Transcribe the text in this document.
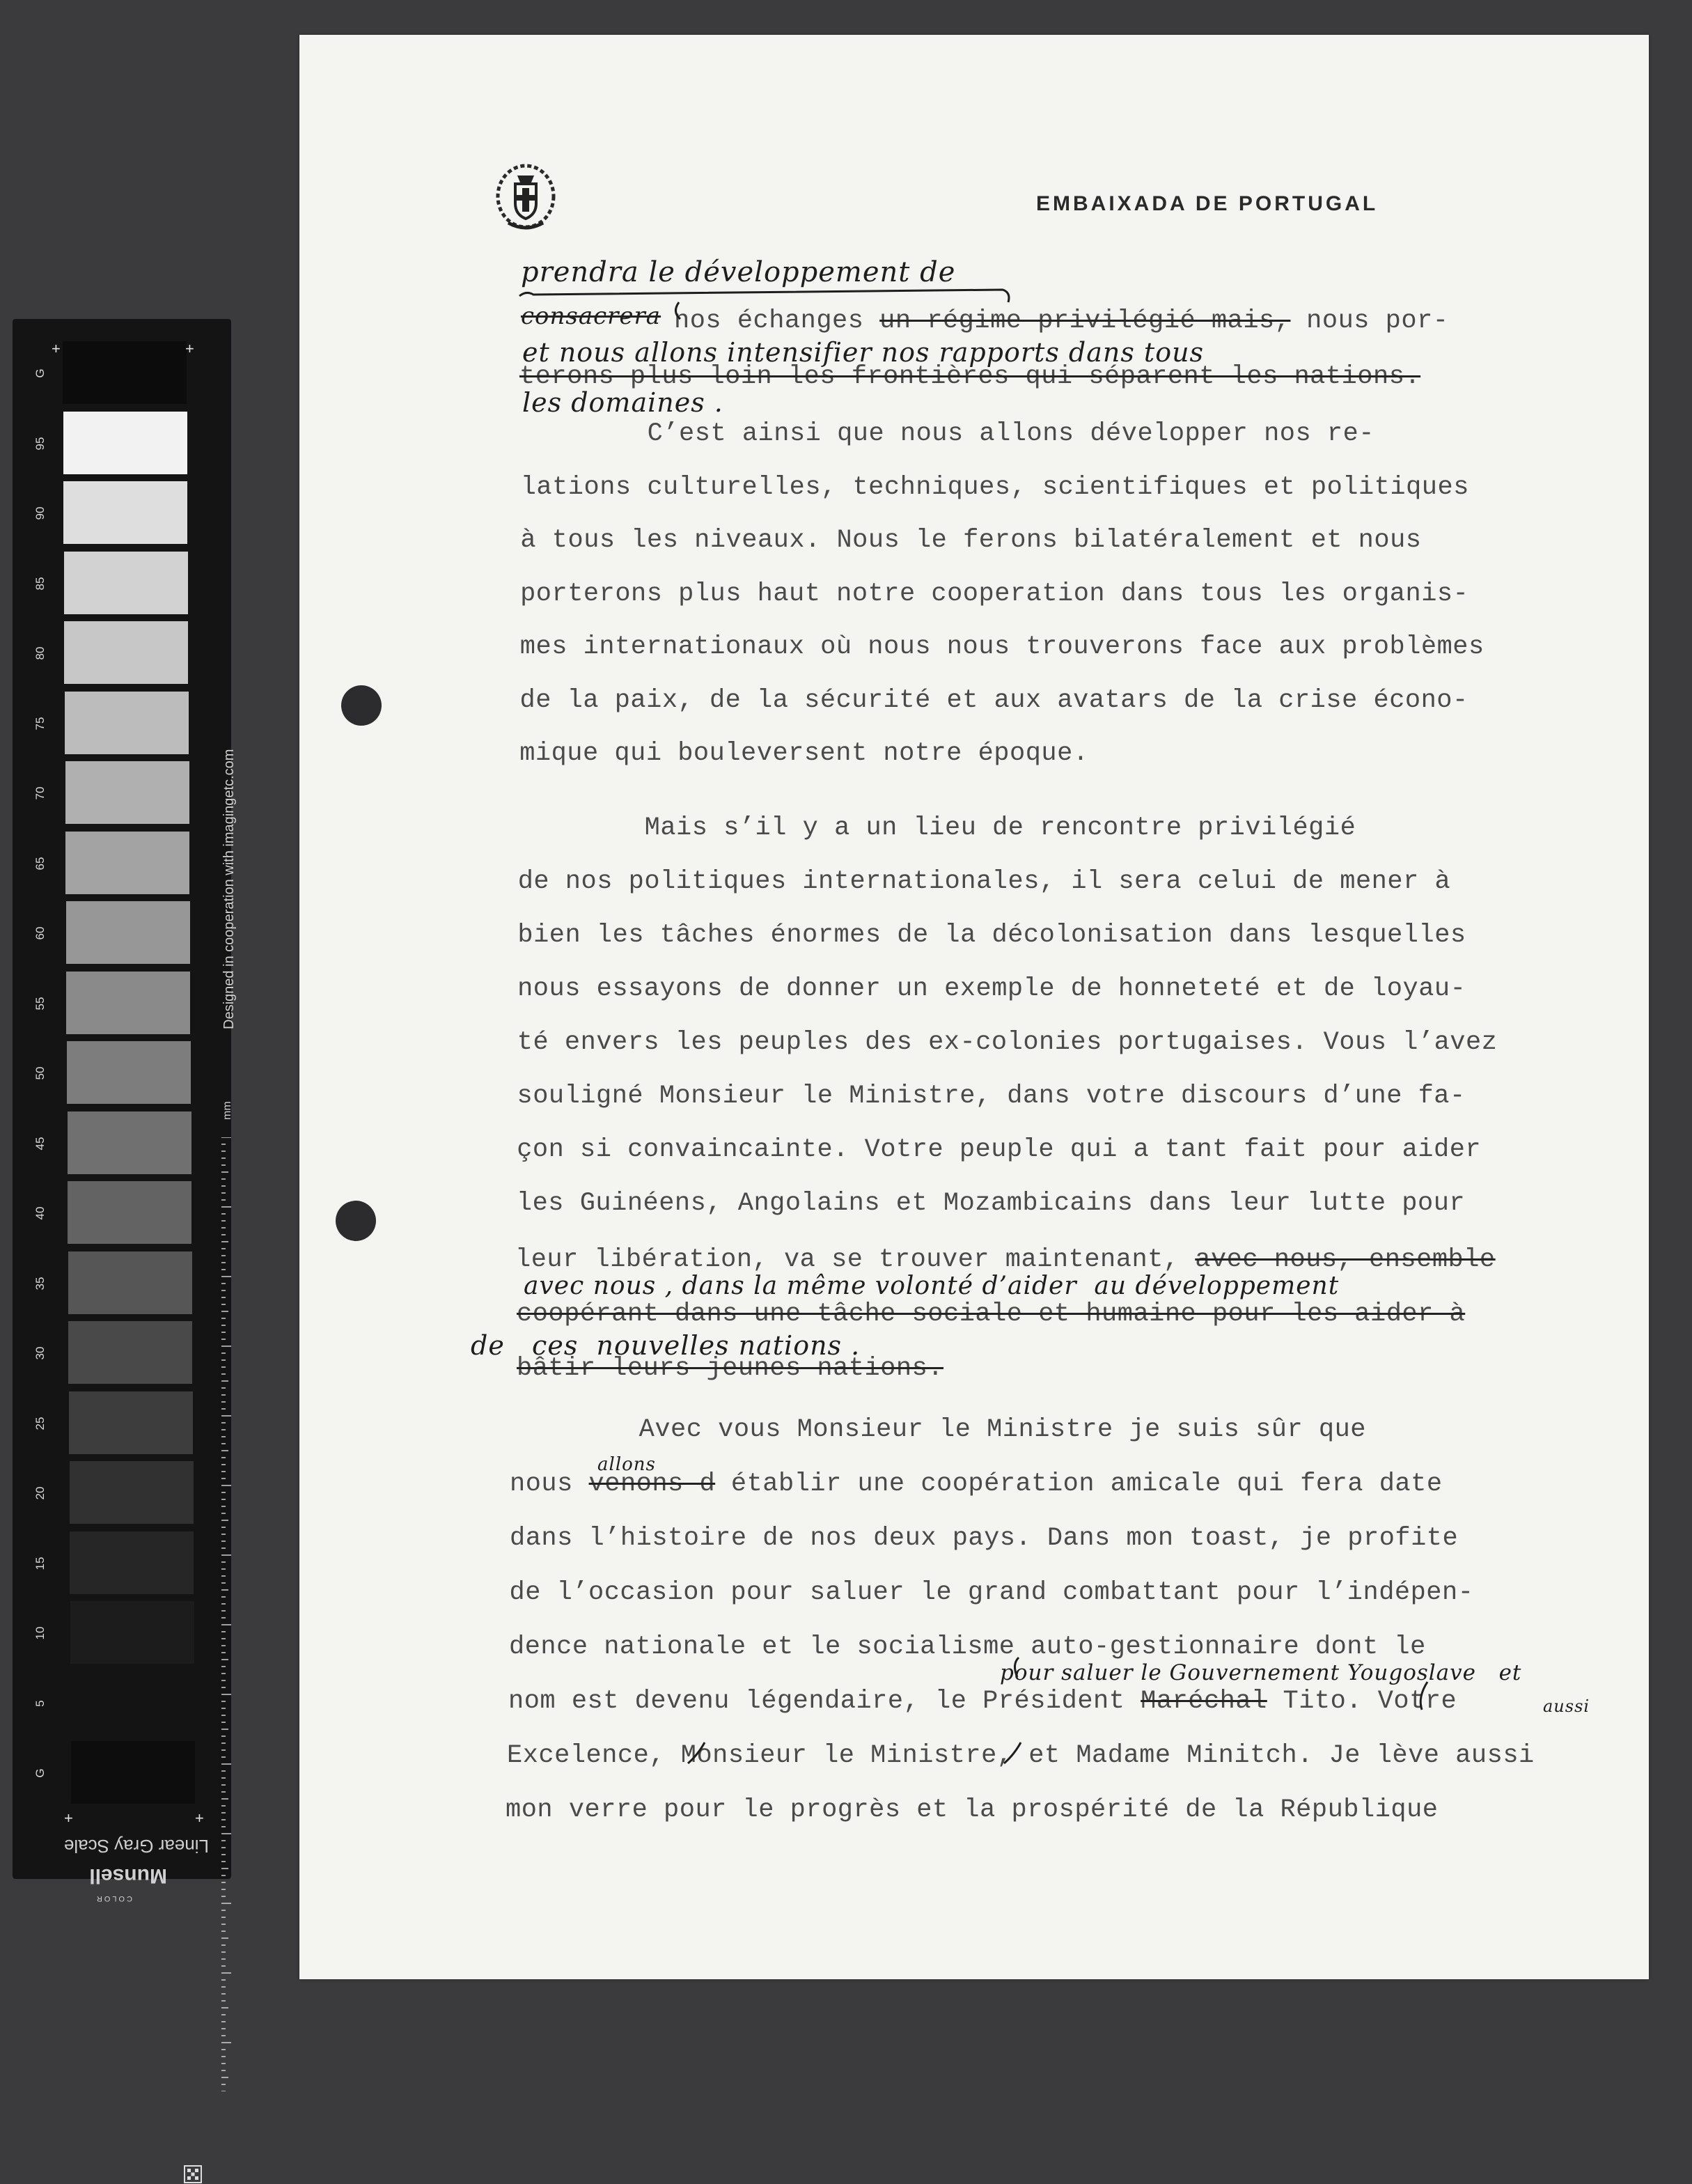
G
95
90
85
80
75
70
65
60
55
50
45
40
35
30
25
20
15
10
5
G
Designed in cooperation with imagingetc.com
mm
+	+
+	+
Linear Gray Scale
Munsell
COLOR
EMBAIXADA DE PORTUGAL
nos échanges un régime privilégié mais, nous por-
terons plus loin les frontières qui séparent les nations.
C’est ainsi que nous allons développer nos re-
lations culturelles, techniques, scientifiques et politiques
à tous les niveaux. Nous le ferons bilatéralement et nous
porterons plus haut notre cooperation dans tous les organis-
mes internationaux où nous nous trouverons face aux problèmes
de la paix, de la sécurité et aux avatars de la crise écono-
mique qui bouleversent notre époque.
Mais s’il y a un lieu de rencontre privilégié
de nos politiques internationales, il sera celui de mener à
bien les tâches énormes de la décolonisation dans lesquelles
nous essayons de donner un exemple de honneteté et de loyau-
té envers les peuples des ex-colonies portugaises. Vous l’avez
souligné Monsieur le Ministre, dans votre discours d’une fa-
çon si convaincainte. Votre peuple qui a tant fait pour aider
les Guinéens, Angolains et Mozambicains dans leur lutte pour
leur libération, va se trouver maintenant, avec nous, ensemble
coopérant dans une tâche sociale et humaine pour les aider à
bâtir leurs jeunes nations.
Avec vous Monsieur le Ministre je suis sûr que
nous venons d établir une coopération amicale qui fera date
dans l’histoire de nos deux pays. Dans mon toast, je profite
de l’occasion pour saluer le grand combattant pour l’indépen-
dence nationale et le socialisme auto-gestionnaire dont le
nom est devenu légendaire, le Président Maréchal Tito. Votre
Excelence, Monsieur le Ministre, et Madame Minitch. Je lève aussi
mon verre pour le progrès et la prospérité de la République
prendra le développement de
consacrera
et nous allons intensifier nos rapports dans tous
les domaines .
avec nous , dans la même volonté d’aider  au développement
de   ces  nouvelles nations .
allons
pour saluer le Gouvernement Yougoslave   et
aussi
